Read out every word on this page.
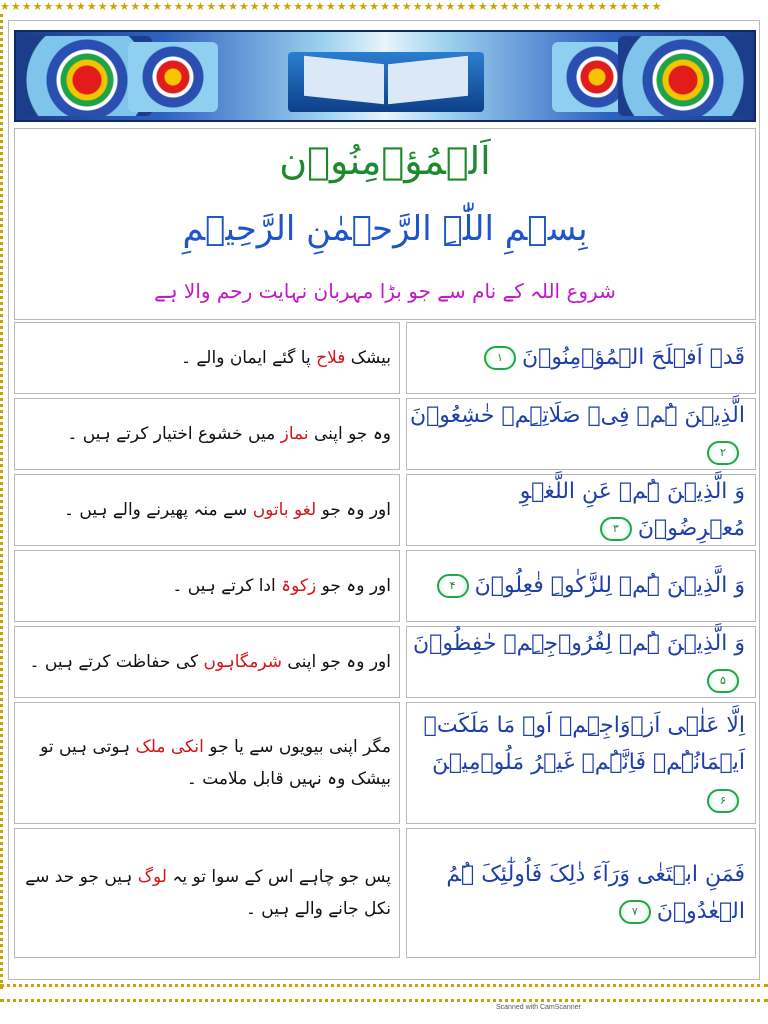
★★★★★★★★★★★★★★★★★★★★★★★★★★★★★★★★★★★★★★★★★★★★★★★★★★★★★★★★★★★★★
اَلۡمُؤۡمِنُوۡن
بِسۡمِ اللّٰہِ الرَّحۡمٰنِ الرَّحِیۡمِ
شروع اللہ کے نام سے جو بڑا مہربان نہایت رحم والا ہے
قَدۡ اَفۡلَحَ الۡمُؤۡمِنُوۡنَ۱
بیشک فلاح پا گئے ایمان والے ۔
الَّذِیۡنَ ہُمۡ فِیۡ صَلَاتِہِمۡ خٰشِعُوۡنَ۲
وہ جو اپنی نماز میں خشوع اختیار کرتے ہیں ۔
وَ الَّذِیۡنَ ہُمۡ عَنِ اللَّغۡوِ مُعۡرِضُوۡنَ۳
اور وہ جو لغو باتوں سے منہ پھیرنے والے ہیں ۔
وَ الَّذِیۡنَ ہُمۡ لِلزَّکٰوۃِ فٰعِلُوۡنَ۴
اور وہ جو زکوۃ ادا کرتے ہیں ۔
وَ الَّذِیۡنَ ہُمۡ لِفُرُوۡجِہِمۡ حٰفِظُوۡنَ۵
اور وہ جو اپنی شرمگاہوں کی حفاظت کرتے ہیں ۔
اِلَّا عَلٰۤی اَزۡوَاجِہِمۡ اَوۡ مَا مَلَکَتۡ اَیۡمَانُہُمۡ فَاِنَّہُمۡ غَیۡرُ مَلُوۡمِیۡنَ۶
مگر اپنی بیویوں سے یا جو انکی ملک ہوتی ہیں تو بیشک وہ نہیں قابل ملامت ۔
فَمَنِ ابۡتَغٰی وَرَآءَ ذٰلِکَ فَاُولٰٓئِکَ ہُمُ الۡعٰدُوۡنَ۷
پس جو چاہے اس کے سوا تو یہ لوگ ہیں جو حد سے نکل جانے والے ہیں ۔
Scanned with CamScanner
